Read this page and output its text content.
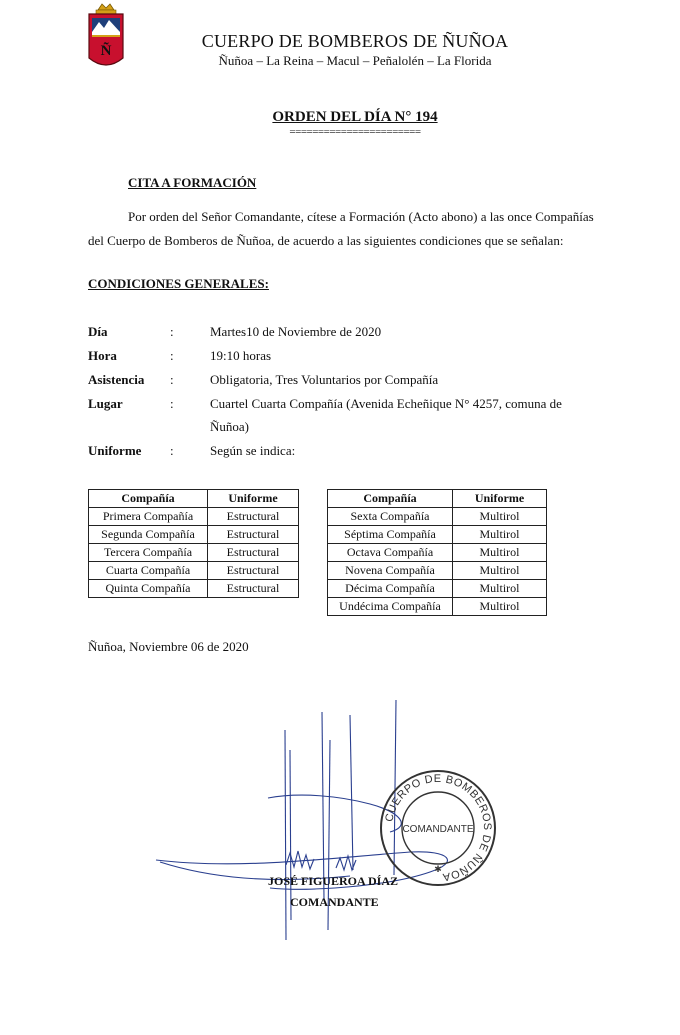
Ñ	CUERPO DE BOMBEROS DE ÑUÑOA
Ñuñoa – La Reina – Macul – Peñalolén – La Florida
ORDEN DEL DÍA N° 194
=======================
CITA A FORMACIÓN
Por orden del Señor Comandante, cítese a Formación (Acto abono) a las once Compañías del Cuerpo de Bomberos de Ñuñoa, de acuerdo a las siguientes condiciones que se señalan:
CONDICIONES GENERALES:
Día	:	Martes10 de Noviembre de 2020
Hora	:	19:10 horas
Asistencia :	Obligatoria, Tres Voluntarios por Compañía
Lugar	:	Cuartel Cuarta Compañía (Avenida Echeñique N° 4257, comuna de Ñuñoa)
Uniforme :	Según se indica:
Compañía	Uniforme
Primera Compañía	Estructural
Segunda Compañía	Estructural
Tercera Compañía	Estructural
Cuarta Compañía	Estructural
Quinta Compañía	Estructural
Compañía	Uniforme
Sexta Compañía	Multirol
Séptima Compañía	Multirol
Octava Compañía	Multirol
Novena Compañía	Multirol
Décima Compañía	Multirol
Undécima Compañía	Multirol
Ñuñoa, Noviembre 06 de 2020
CUERPO DE BOMBEROS DE ÑUÑOA
COMANDANTE
✱
JOSÉ FIGUEROA DÍAZ
COMANDANTE
